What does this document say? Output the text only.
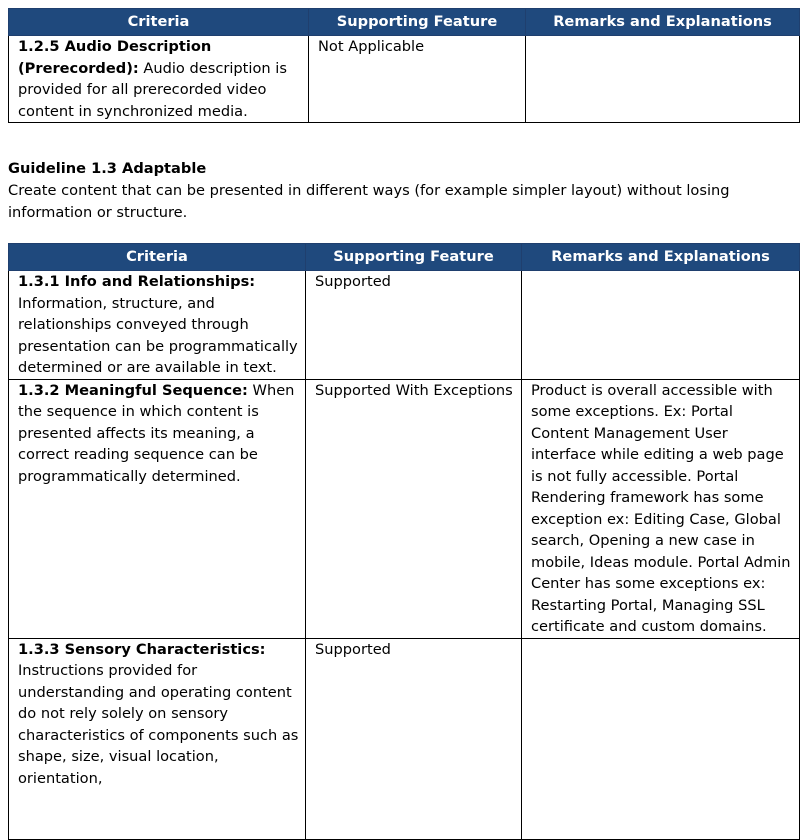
Criteria	Supporting Feature	Remarks and Explanations
1.2.5 Audio Description (Prerecorded): Audio description is provided for all prerecorded video content in synchronized media.	Not Applicable	
Guideline 1.3 Adaptable
Create content that can be presented in different ways (for example simpler layout) without losing information or structure.
Criteria	Supporting Feature	Remarks and Explanations
1.3.1 Info and Relationships: Information, structure, and relationships conveyed through presentation can be programmatically determined or are available in text.	Supported	
1.3.2 Meaningful Sequence: When the sequence in which content is presented affects its meaning, a correct reading sequence can be programmatically determined.	Supported With Exceptions	Product is overall accessible with some exceptions. Ex: Portal Content Management User interface while editing a web page is not fully accessible. Portal Rendering framework has some exception ex: Editing Case, Global search, Opening a new case in mobile, Ideas module. Portal Admin Center has some exceptions ex: Restarting Portal, Managing SSL certificate and custom domains.
1.3.3 Sensory Characteristics: Instructions provided for understanding and operating content do not rely solely on sensory characteristics of components such as shape, size, visual location, orientation,	Supported	
